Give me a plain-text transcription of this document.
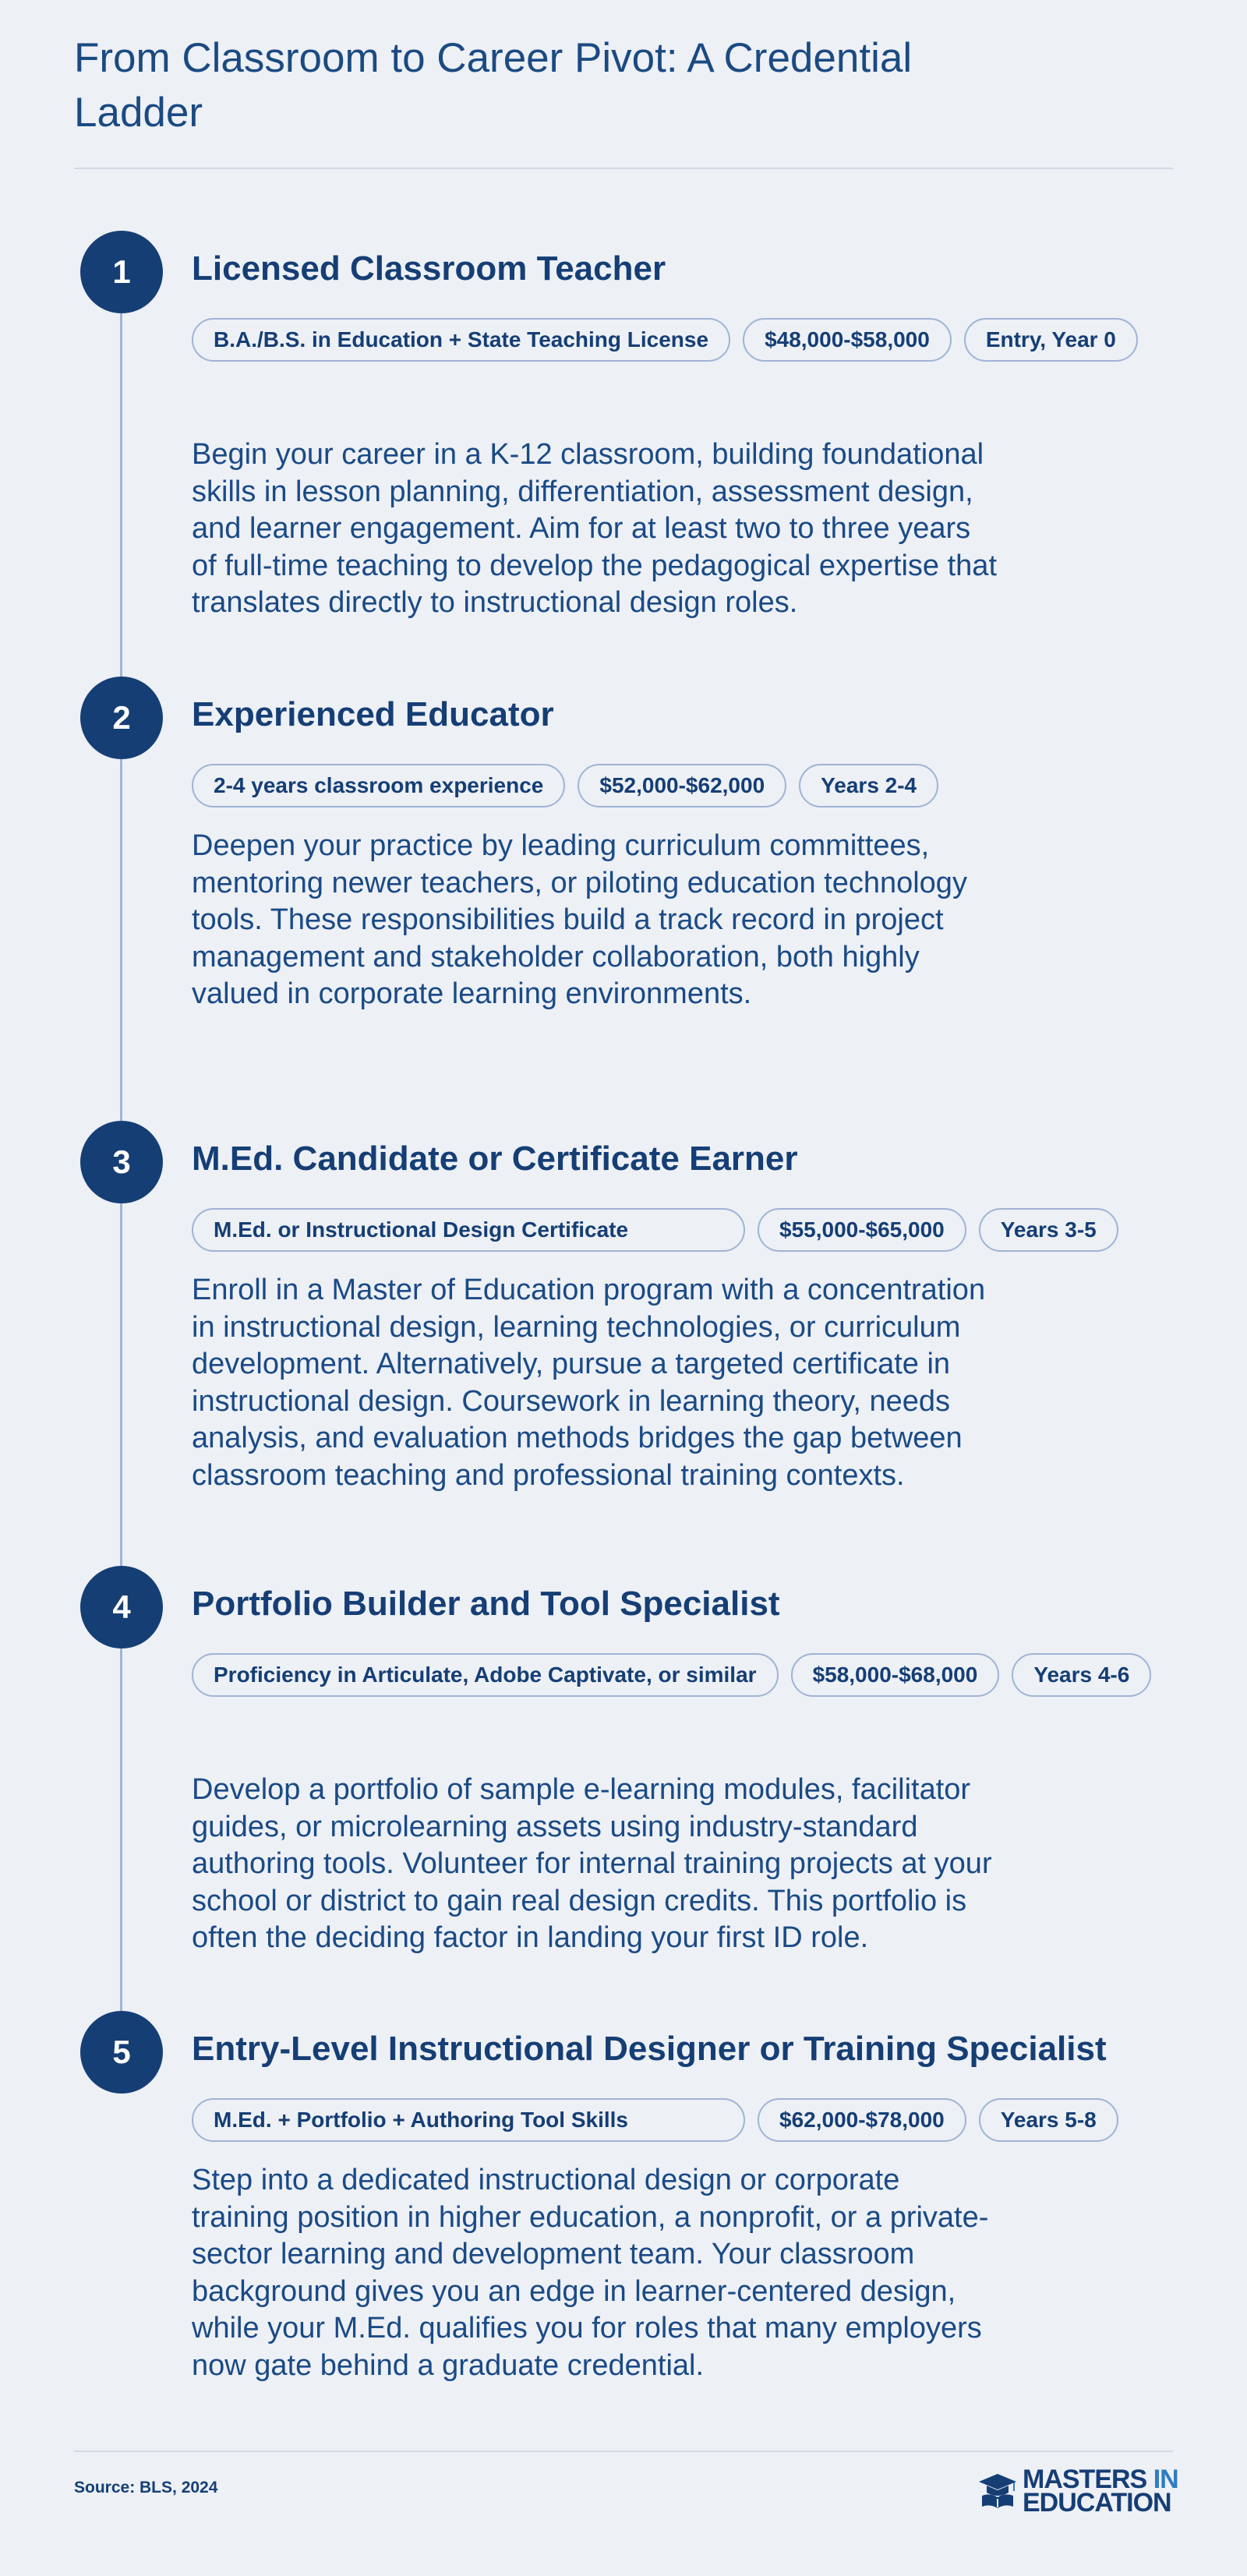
From Classroom to Career Pivot: A Credential Ladder
1	Licensed Classroom Teacher
B.A./B.S. in Education + State Teaching License	$48,000-$58,000	Entry, Year 0

Begin your career in a K-12 classroom, building foundational skills in lesson planning, differentiation, assessment design, and learner engagement. Aim for at least two to three years of full-time teaching to develop the pedagogical expertise that translates directly to instructional design roles.

2	Experienced Educator
2-4 years classroom experience	$52,000-$62,000	Years 2-4

Deepen your practice by leading curriculum committees, mentoring newer teachers, or piloting education technology tools. These responsibilities build a track record in project management and stakeholder collaboration, both highly valued in corporate learning environments.

3	M.Ed. Candidate or Certificate Earner
M.Ed. or Instructional Design Certificate	$55,000-$65,000	Years 3-5

Enroll in a Master of Education program with a concentration in instructional design, learning technologies, or curriculum development. Alternatively, pursue a targeted certificate in instructional design. Coursework in learning theory, needs analysis, and evaluation methods bridges the gap between classroom teaching and professional training contexts.

4	Portfolio Builder and Tool Specialist
Proficiency in Articulate, Adobe Captivate, or similar	$58,000-$68,000	Years 4-6

Develop a portfolio of sample e-learning modules, facilitator guides, or microlearning assets using industry-standard authoring tools. Volunteer for internal training projects at your school or district to gain real design credits. This portfolio is often the deciding factor in landing your first ID role.

5	Entry-Level Instructional Designer or Training Specialist
M.Ed. + Portfolio + Authoring Tool Skills	$62,000-$78,000	Years 5-8

Step into a dedicated instructional design or corporate training position in higher education, a nonprofit, or a private-sector learning and development team. Your classroom background gives you an edge in learner-centered design, while your M.Ed. qualifies you for roles that many employers now gate behind a graduate credential.

Source: BLS, 2024	MASTERS IN
EDUCATION
